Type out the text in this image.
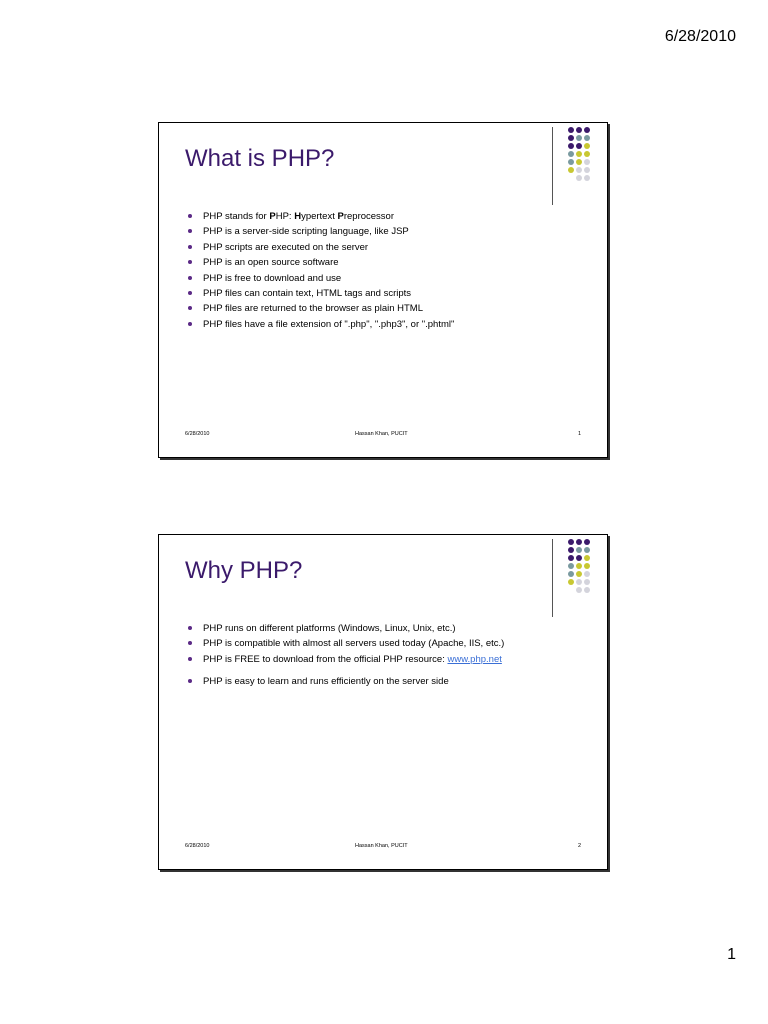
6/28/2010
What is PHP?
PHP stands for PHP: Hypertext Preprocessor
PHP is a server-side scripting language, like JSP
PHP scripts are executed on the server
PHP is an open source software
PHP is free to download and use
PHP files can contain text, HTML tags and scripts
PHP files are returned to the browser as plain HTML
PHP files have a file extension of ".php", ".php3", or ".phtml"
6/28/2010	Hassan Khan, PUCIT	1
Why PHP?
PHP runs on different platforms (Windows, Linux, Unix, etc.)
PHP is compatible with almost all servers used today (Apache, IIS, etc.)
PHP is FREE to download from the official PHP resource: www.php.net
PHP is easy to learn and runs efficiently on the server side
6/28/2010	Hassan Khan, PUCIT	2
1
